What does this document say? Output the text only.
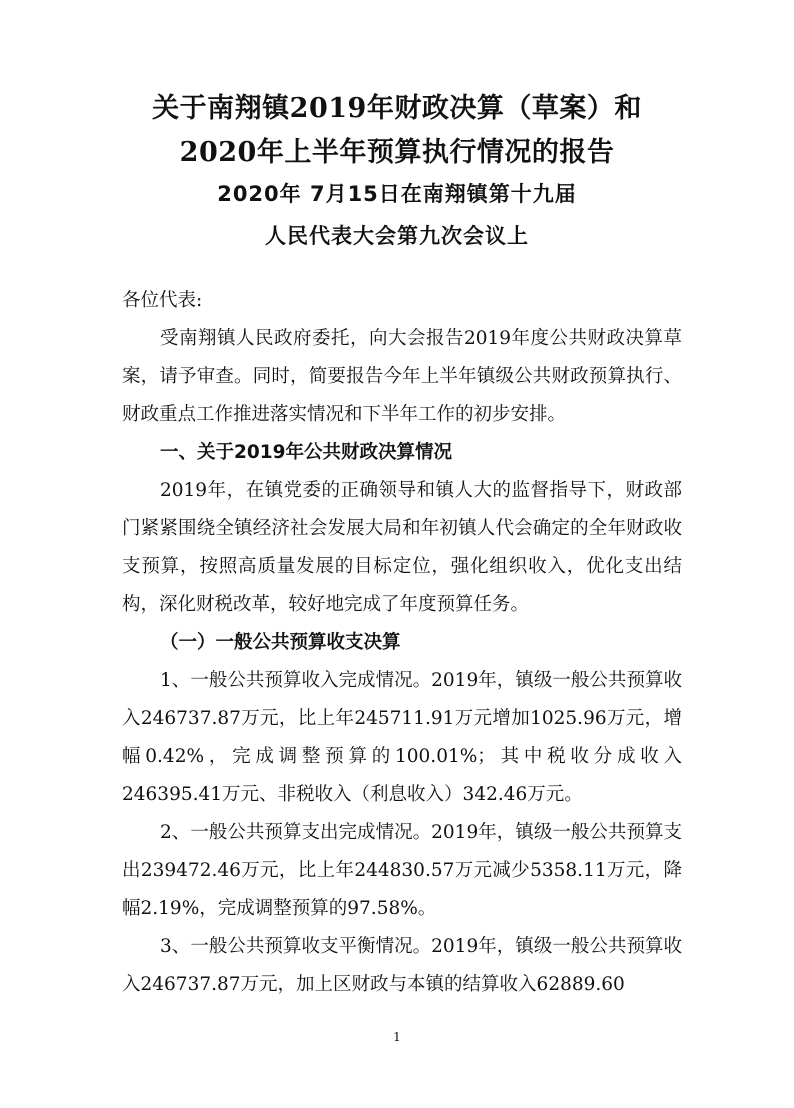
关于南翔镇2019年财政决算（草案）和
2020年上半年预算执行情况的报告
2020年 7月15日在南翔镇第十九届
人民代表大会第九次会议上

各位代表:

受南翔镇人民政府委托，向大会报告2019年度公共财政决算草案，请予审查。同时，简要报告今年上半年镇级公共财政预算执行、财政重点工作推进落实情况和下半年工作的初步安排。

一、关于2019年公共财政决算情况

2019年，在镇党委的正确领导和镇人大的监督指导下，财政部门紧紧围绕全镇经济社会发展大局和年初镇人代会确定的全年财政收支预算，按照高质量发展的目标定位，强化组织收入，优化支出结构，深化财税改革，较好地完成了年度预算任务。

（一）一般公共预算收支决算

1、一般公共预算收入完成情况。2019年，镇级一般公共预算收入246737.87万元，比上年245711.91万元增加1025.96万元，增幅0.42%，完成调整预算的100.01%；其中税收分成收入246395.41万元、非税收入（利息收入）342.46万元。

2、一般公共预算支出完成情况。2019年，镇级一般公共预算支出239472.46万元，比上年244830.57万元减少5358.11万元，降幅2.19%，完成调整预算的97.58%。

3、一般公共预算收支平衡情况。2019年，镇级一般公共预算收入246737.87万元，加上区财政与本镇的结算收入62889.60

1
